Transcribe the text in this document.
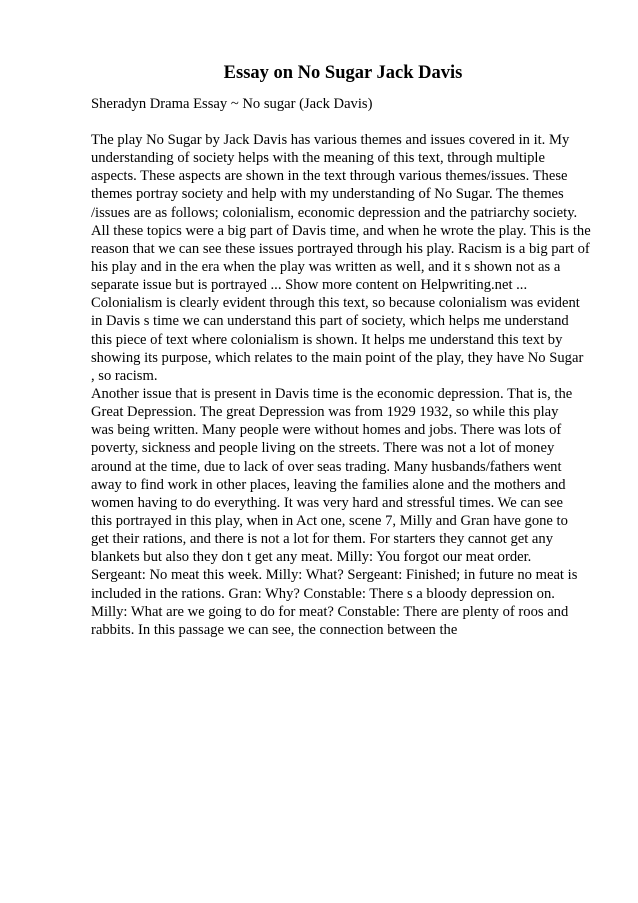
Essay on No Sugar Jack Davis
Sheradyn Drama Essay ~ No sugar (Jack Davis)
The play No Sugar by Jack Davis has various themes and issues covered in it. My
understanding of society helps with the meaning of this text, through multiple
aspects. These aspects are shown in the text through various themes/issues. These
themes portray society and help with my understanding of No Sugar. The themes
/issues are as follows; colonialism, economic depression and the patriarchy society.
All these topics were a big part of Davis time, and when he wrote the play. This is the
reason that we can see these issues portrayed through his play. Racism is a big part of
his play and in the era when the play was written as well, and it s shown not as a
separate issue but is portrayed ... Show more content on Helpwriting.net ...
Colonialism is clearly evident through this text, so because colonialism was evident
in Davis s time we can understand this part of society, which helps me understand
this piece of text where colonialism is shown. It helps me understand this text by
showing its purpose, which relates to the main point of the play, they have No Sugar
, so racism.
Another issue that is present in Davis time is the economic depression. That is, the
Great Depression. The great Depression was from 1929 1932, so while this play
was being written. Many people were without homes and jobs. There was lots of
poverty, sickness and people living on the streets. There was not a lot of money
around at the time, due to lack of over seas trading. Many husbands/fathers went
away to find work in other places, leaving the families alone and the mothers and
women having to do everything. It was very hard and stressful times. We can see
this portrayed in this play, when in Act one, scene 7, Milly and Gran have gone to
get their rations, and there is not a lot for them. For starters they cannot get any
blankets but also they don t get any meat. Milly: You forgot our meat order.
Sergeant: No meat this week. Milly: What? Sergeant: Finished; in future no meat is
included in the rations. Gran: Why? Constable: There s a bloody depression on.
Milly: What are we going to do for meat? Constable: There are plenty of roos and
rabbits. In this passage we can see, the connection between the
